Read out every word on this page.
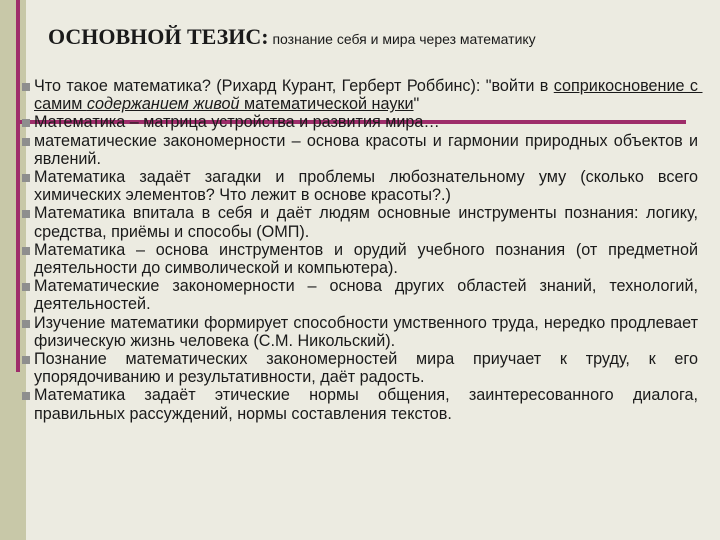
ОСНОВНОЙ ТЕЗИС: познание себя и мира через математику
Что такое математика? (Рихард Курант, Герберт Роббинс): "войти в соприкосновение с самим содержанием живой математической науки"
Математика – матрица устройства и развития мира…
математические закономерности – основа красоты и гармонии природных объектов и явлений.
Математика задаёт загадки и проблемы любознательному уму (сколько всего химических элементов? Что лежит в основе красоты?.)
Математика впитала в себя и даёт людям основные инструменты познания: логику, средства, приёмы и способы (ОМП).
Математика – основа инструментов и орудий учебного познания (от предметной деятельности до символической и компьютера).
Математические закономерности – основа других областей знаний, технологий, деятельностей.
Изучение математики формирует способности умственного труда, нередко продлевает физическую жизнь человека (С.М. Никольский).
Познание математических закономерностей мира приучает к труду, к его упорядочиванию и результативности, даёт радость.
Математика задаёт этические нормы общения, заинтересованного диалога, правильных рассуждений, нормы составления текстов.
